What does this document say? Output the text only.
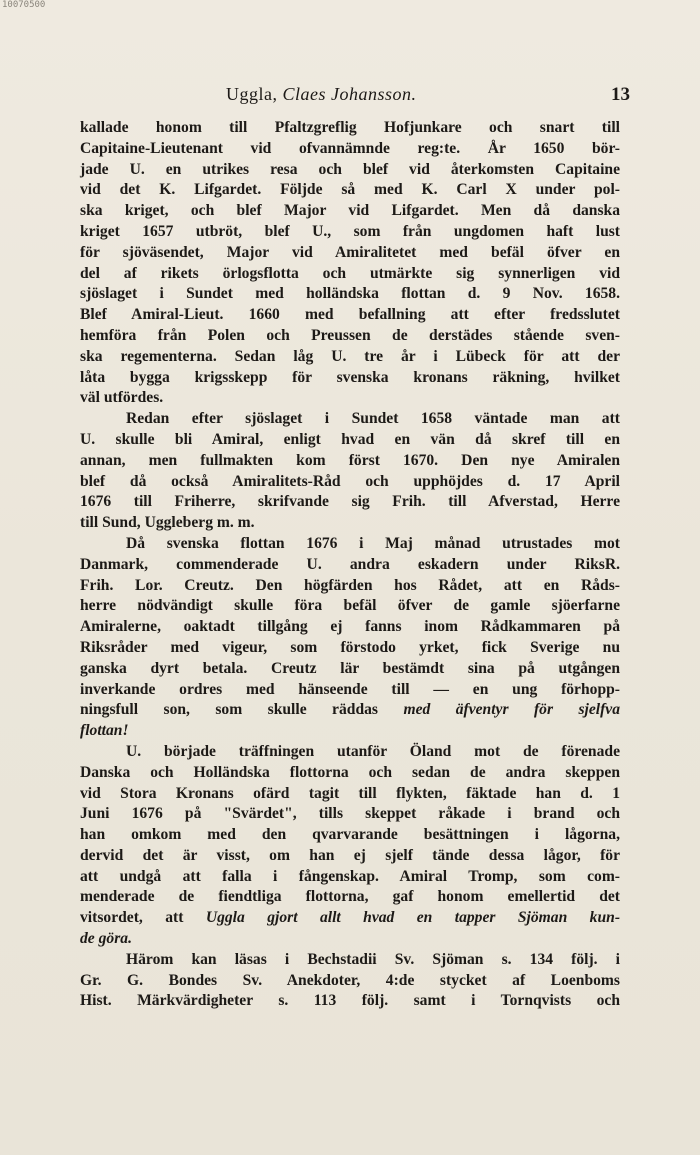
10070500
Uggla, Claes Johansson.	13
kallade honom till Pfaltzgreflig Hofjunkare och snart till
Capitaine-Lieutenant vid ofvannämnde reg:te. År 1650 bör-
jade U. en utrikes resa och blef vid återkomsten Capitaine
vid det K. Lifgardet. Följde så med K. Carl X under pol-
ska kriget, och blef Major vid Lifgardet. Men då danska
kriget 1657 utbröt, blef U., som från ungdomen haft lust
för sjöväsendet, Major vid Amiralitetet med befäl öfver en
del af rikets örlogsflotta och utmärkte sig synnerligen vid
sjöslaget i Sundet med holländska flottan d. 9 Nov. 1658.
Blef Amiral-Lieut. 1660 med befallning att efter fredsslutet
hemföra från Polen och Preussen de derstädes stående sven-
ska regementerna. Sedan låg U. tre år i Lübeck för att der
låta bygga krigsskepp för svenska kronans räkning, hvilket
väl utfördes.
Redan efter sjöslaget i Sundet 1658 väntade man att
U. skulle bli Amiral, enligt hvad en vän då skref till en
annan, men fullmakten kom först 1670. Den nye Amiralen
blef då också Amiralitets-Råd och upphöjdes d. 17 April
1676 till Friherre, skrifvande sig Frih. till Afverstad, Herre
till Sund, Uggleberg m. m.
Då svenska flottan 1676 i Maj månad utrustades mot
Danmark, commenderade U. andra eskadern under RiksR.
Frih. Lor. Creutz. Den högfärden hos Rådet, att en Råds-
herre nödvändigt skulle föra befäl öfver de gamle sjöerfarne
Amiralerne, oaktadt tillgång ej fanns inom Rådkammaren på
Riksråder med vigeur, som förstodo yrket, fick Sverige nu
ganska dyrt betala. Creutz lär bestämdt sina på utgången
inverkande ordres med hänseende till — en ung förhopp-
ningsfull son, som skulle räddas med äfventyr för sjelfva
flottan!
U. började träffningen utanför Öland mot de förenade
Danska och Holländska flottorna och sedan de andra skeppen
vid Stora Kronans ofärd tagit till flykten, fäktade han d. 1
Juni 1676 på "Svärdet", tills skeppet råkade i brand och
han omkom med den qvarvarande besättningen i lågorna,
dervid det är visst, om han ej sjelf tände dessa lågor, för
att undgå att falla i fångenskap. Amiral Tromp, som com-
menderade de fiendtliga flottorna, gaf honom emellertid det
vitsordet, att Uggla gjort allt hvad en tapper Sjöman kun-
de göra.
Härom kan läsas i Bechstadii Sv. Sjöman s. 134 följ. i
Gr. G. Bondes Sv. Anekdoter, 4:de stycket af Loenboms
Hist. Märkvärdigheter s. 113 följ. samt i Tornqvists och
